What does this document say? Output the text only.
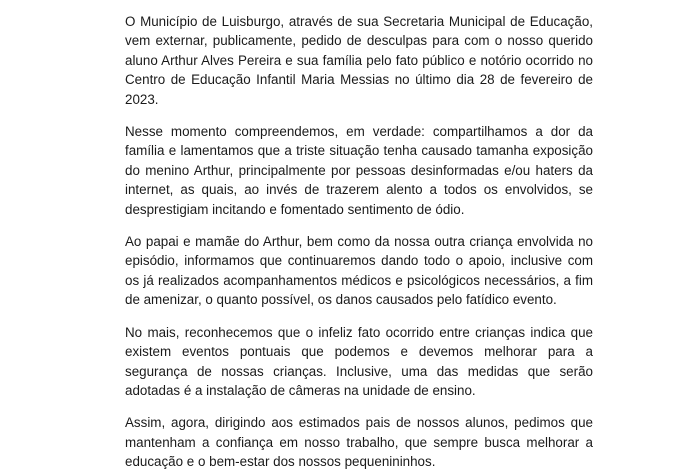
O Município de Luisburgo, através de sua Secretaria Municipal de Educação, vem externar, publicamente, pedido de desculpas para com o nosso querido aluno Arthur Alves Pereira e sua família pelo fato público e notório ocorrido no Centro de Educação Infantil Maria Messias no último dia 28 de fevereiro de 2023.

Nesse momento compreendemos, em verdade: compartilhamos a dor da família e lamentamos que a triste situação tenha causado tamanha exposição do menino Arthur, principalmente por pessoas desinformadas e/ou haters da internet, as quais, ao invés de trazerem alento a todos os envolvidos, se desprestigiam incitando e fomentado sentimento de ódio.

Ao papai e mamãe do Arthur, bem como da nossa outra criança envolvida no episódio, informamos que continuaremos dando todo o apoio, inclusive com os já realizados acompanhamentos médicos e psicológicos necessários, a fim de amenizar, o quanto possível, os danos causados pelo fatídico evento.

No mais, reconhecemos que o infeliz fato ocorrido entre crianças indica que existem eventos pontuais que podemos e devemos melhorar para a segurança de nossas crianças. Inclusive, uma das medidas que serão adotadas é a instalação de câmeras na unidade de ensino.

Assim, agora, dirigindo aos estimados pais de nossos alunos, pedimos que mantenham a confiança em nosso trabalho, que sempre busca melhorar a educação e o bem-estar dos nossos pequenininhos.
